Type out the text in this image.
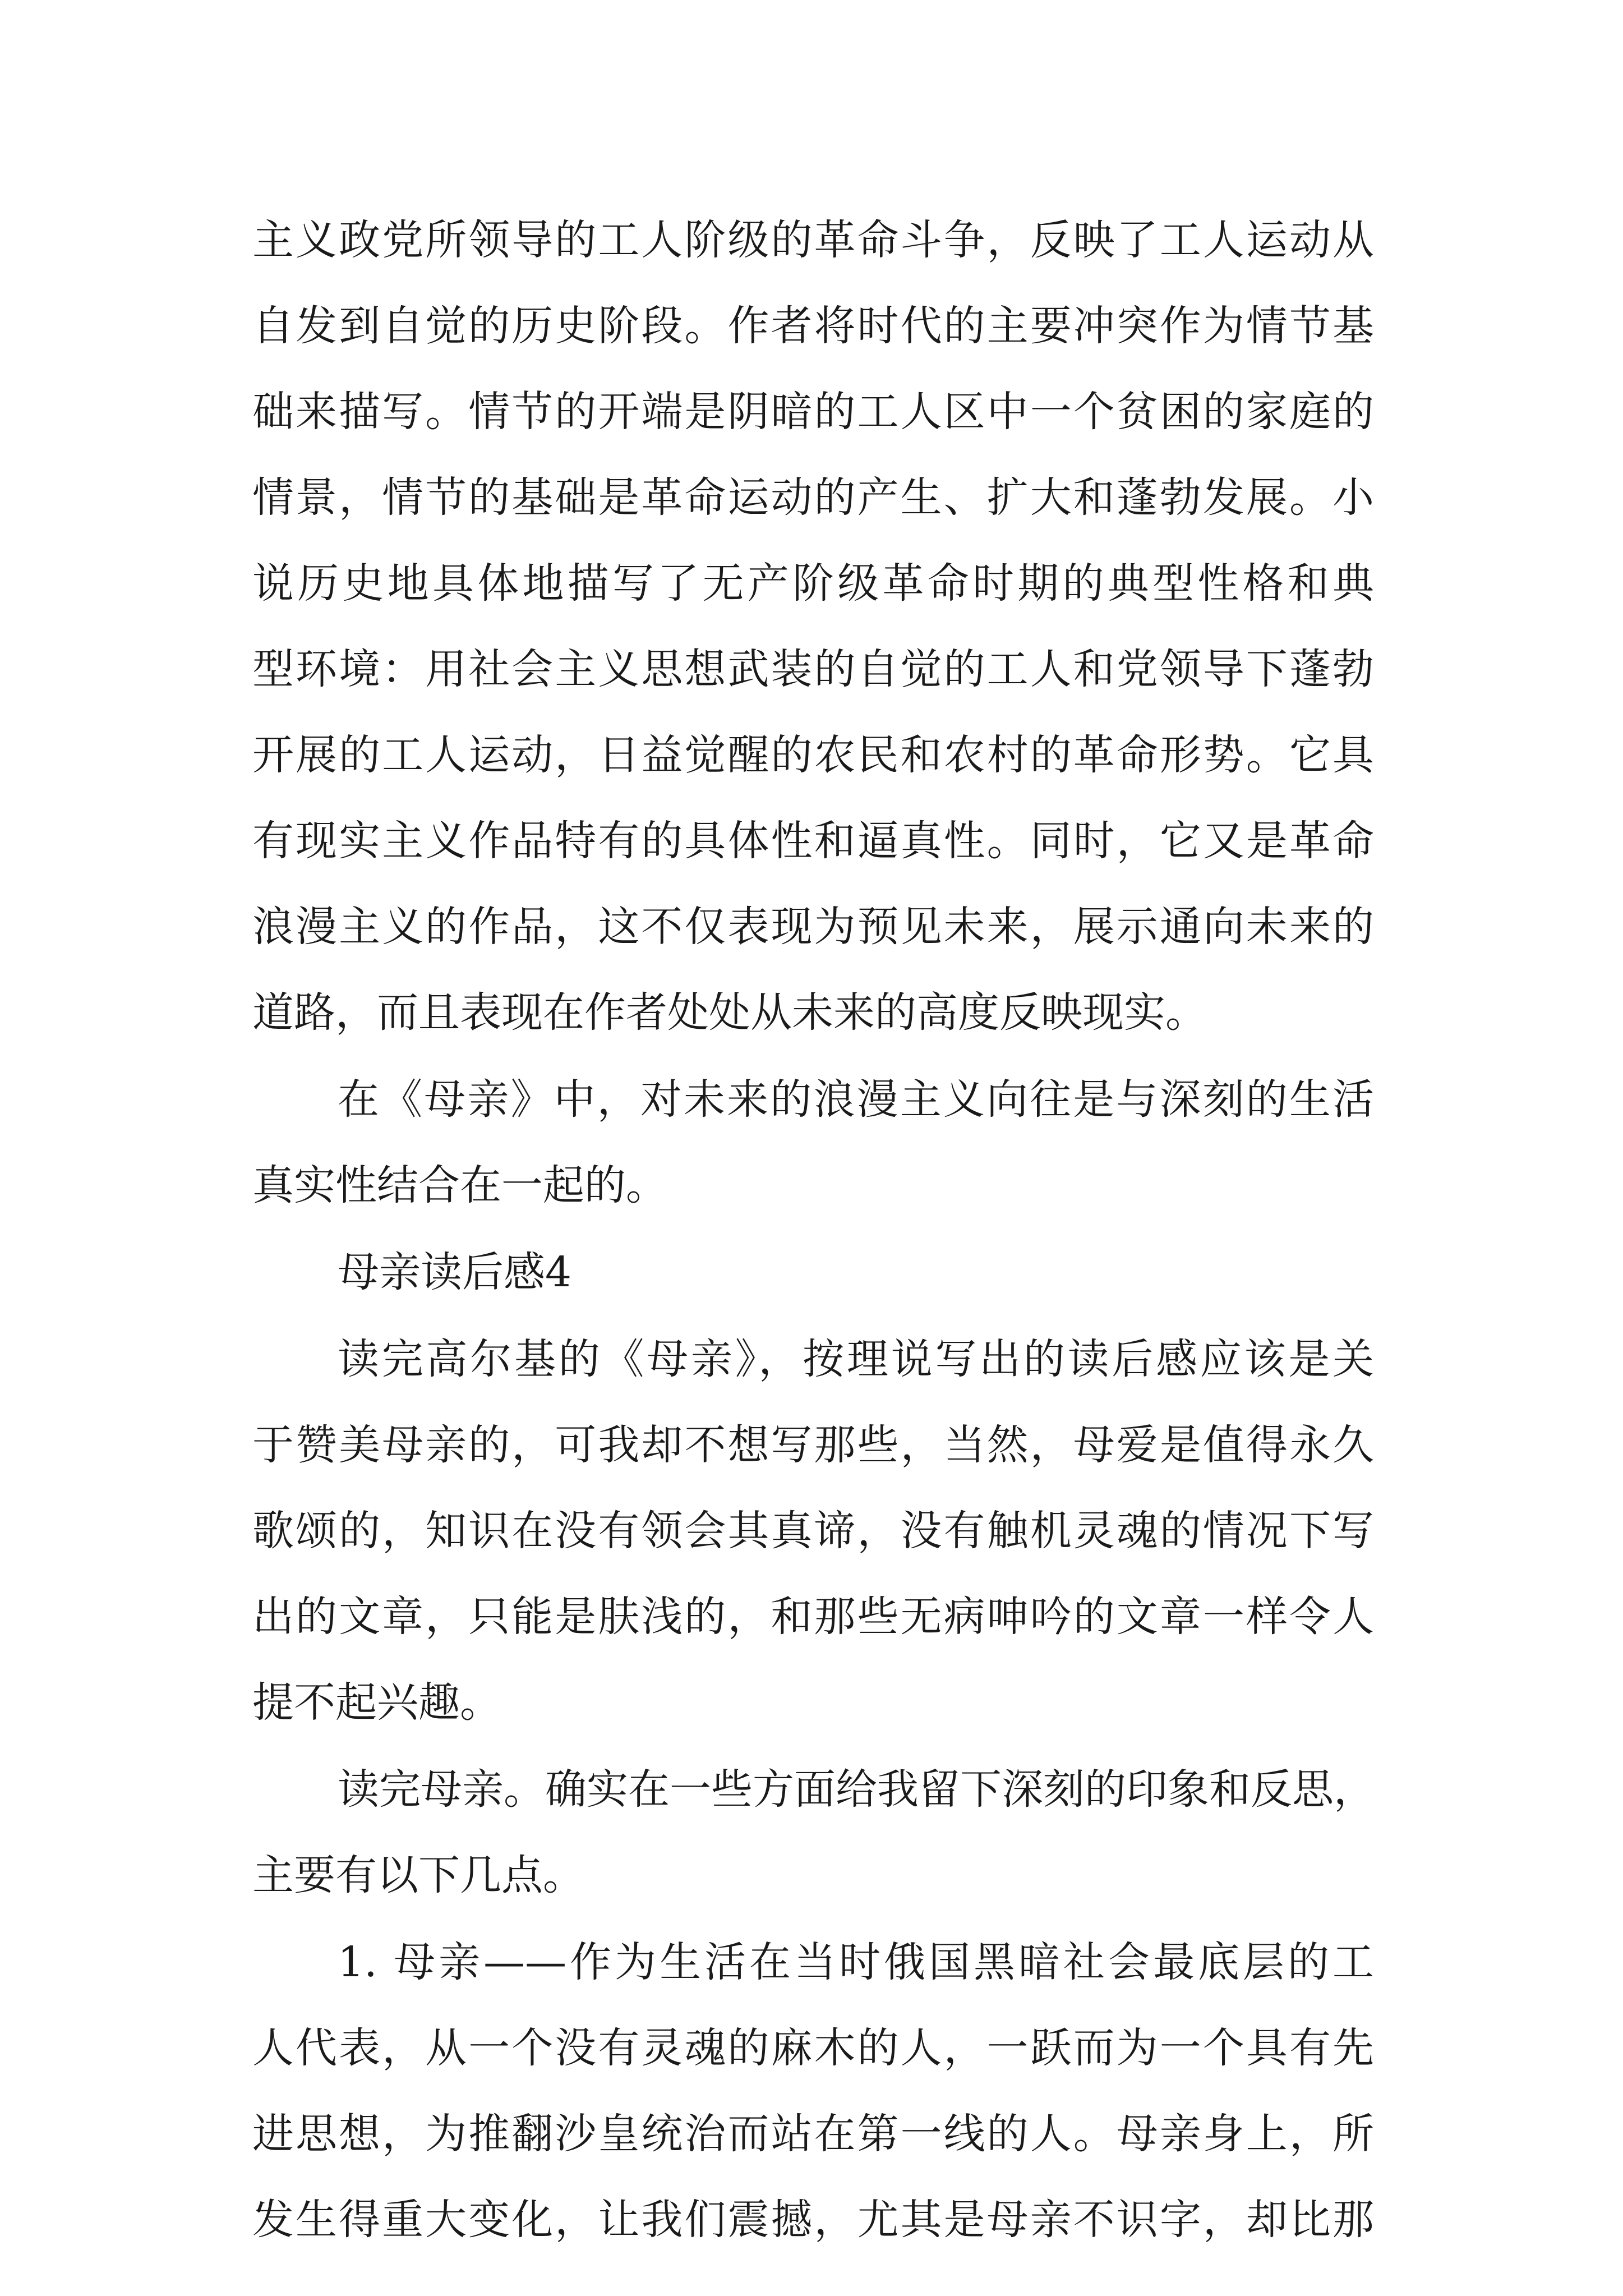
主义政党所领导的工人阶级的革命斗争，反映了工人运动从
自发到自觉的历史阶段。作者将时代的主要冲突作为情节基
础来描写。情节的开端是阴暗的工人区中一个贫困的家庭的
情景，情节的基础是革命运动的产生、扩大和蓬勃发展。小
说历史地具体地描写了无产阶级革命时期的典型性格和典
型环境：用社会主义思想武装的自觉的工人和党领导下蓬勃
开展的工人运动，日益觉醒的农民和农村的革命形势。它具
有现实主义作品特有的具体性和逼真性。同时，它又是革命
浪漫主义的作品，这不仅表现为预见未来，展示通向未来的
道路，而且表现在作者处处从未来的高度反映现实。
在《母亲》中，对未来的浪漫主义向往是与深刻的生活
真实性结合在一起的。
母亲读后感4
读完高尔基的《母亲》，按理说写出的读后感应该是关
于赞美母亲的，可我却不想写那些，当然，母爱是值得永久
歌颂的，知识在没有领会其真谛，没有触机灵魂的情况下写
出的文章，只能是肤浅的，和那些无病呻吟的文章一样令人
提不起兴趣。
读完母亲。确实在一些方面给我留下深刻的印象和反思，
主要有以下几点。
1. 母亲——作为生活在当时俄国黑暗社会最底层的工
人代表，从一个没有灵魂的麻木的人，一跃而为一个具有先
进思想，为推翻沙皇统治而站在第一线的人。母亲身上，所
发生得重大变化，让我们震撼，尤其是母亲不识字，却比那
